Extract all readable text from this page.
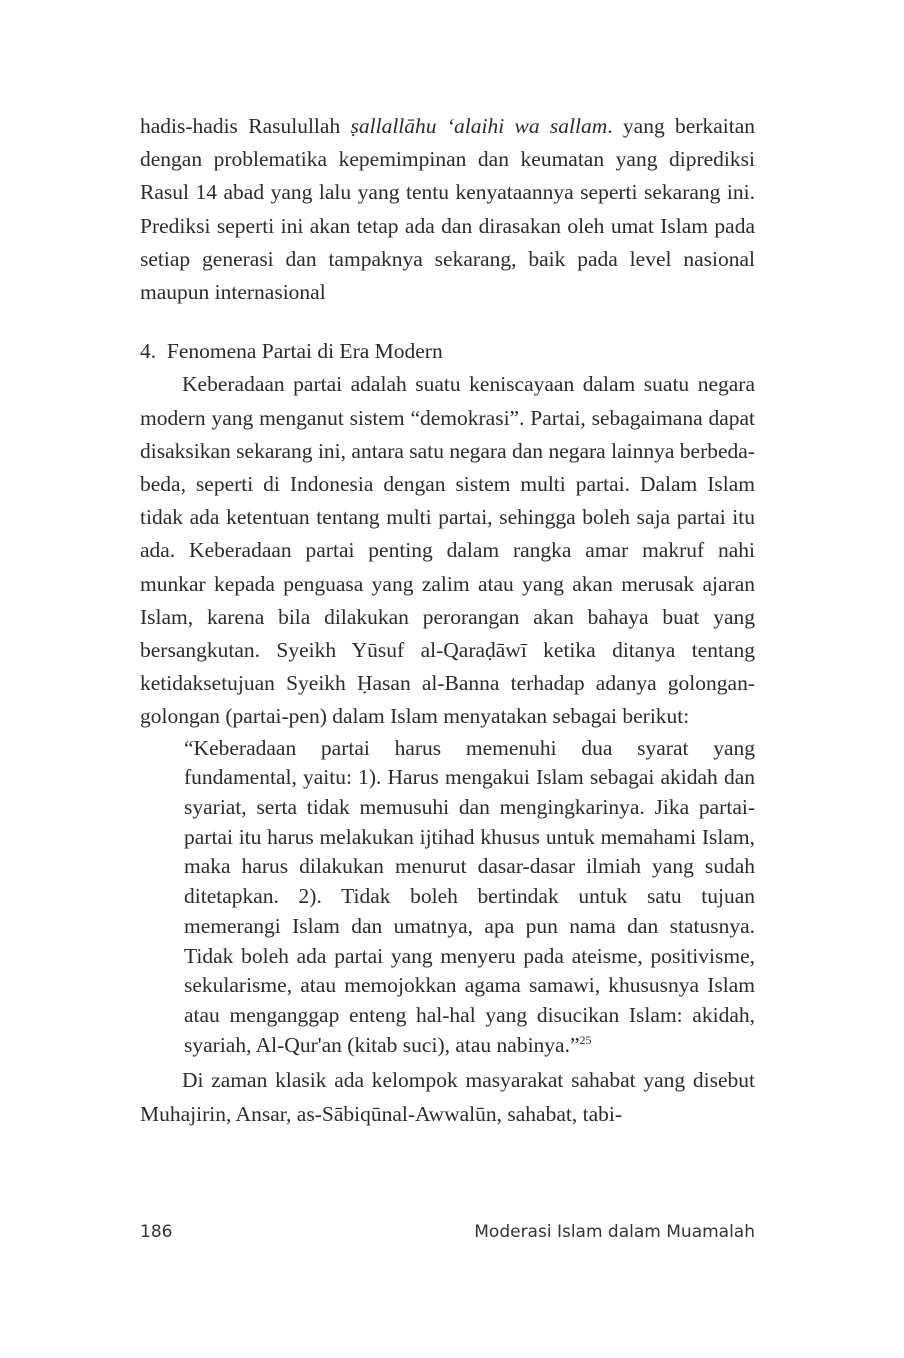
hadis-hadis Rasulullah ṣallallāhu ‘alaihi wa sallam. yang berkaitan dengan problematika kepemimpinan dan keumatan yang diprediksi Rasul 14 abad yang lalu yang tentu kenyataannya seperti sekarang ini. Prediksi seperti ini akan tetap ada dan dirasakan oleh umat Islam pada setiap generasi dan tampaknya sekarang, baik pada level nasional maupun internasional

4. Fenomena Partai di Era Modern

Keberadaan partai adalah suatu keniscayaan dalam suatu negara modern yang menganut sistem “demokrasi”. Partai, sebagaimana dapat disaksikan sekarang ini, antara satu negara dan negara lainnya berbeda-beda, seperti di Indonesia dengan sistem multi partai. Dalam Islam tidak ada ketentuan tentang multi partai, sehingga boleh saja partai itu ada. Keberadaan partai penting dalam rangka amar makruf nahi munkar kepada penguasa yang zalim atau yang akan merusak ajaran Islam, karena bila dilakukan perorangan akan bahaya buat yang bersangkutan. Syeikh Yūsuf al-Qaraḍāwī ketika ditanya tentang ketidaksetujuan Syeikh Ḥasan al-Banna terhadap adanya golongan-golongan (partai-pen) dalam Islam menyatakan sebagai berikut:

“Keberadaan partai harus memenuhi dua syarat yang fundamental, yaitu: 1). Harus mengakui Islam sebagai akidah dan syariat, serta tidak memusuhi dan mengingkarinya. Jika partai-partai itu harus melakukan ijtihad khusus untuk memahami Islam, maka harus dilakukan menurut dasar-dasar ilmiah yang sudah ditetapkan. 2). Tidak boleh bertindak untuk satu tujuan memerangi Islam dan umatnya, apa pun nama dan statusnya. Tidak boleh ada partai yang menyeru pada ateisme, positivisme, sekularisme, atau memojokkan agama samawi, khususnya Islam atau menganggap enteng hal-hal yang disucikan Islam: akidah, syariah, Al-Qur'an (kitab suci), atau nabinya.”$^{25}$

Di zaman klasik ada kelompok masyarakat sahabat yang disebut Muhajirin, Ansar, as-Sābiqūnal-Awwalūn, sahabat, tabi-

186	Moderasi Islam dalam Muamalah
